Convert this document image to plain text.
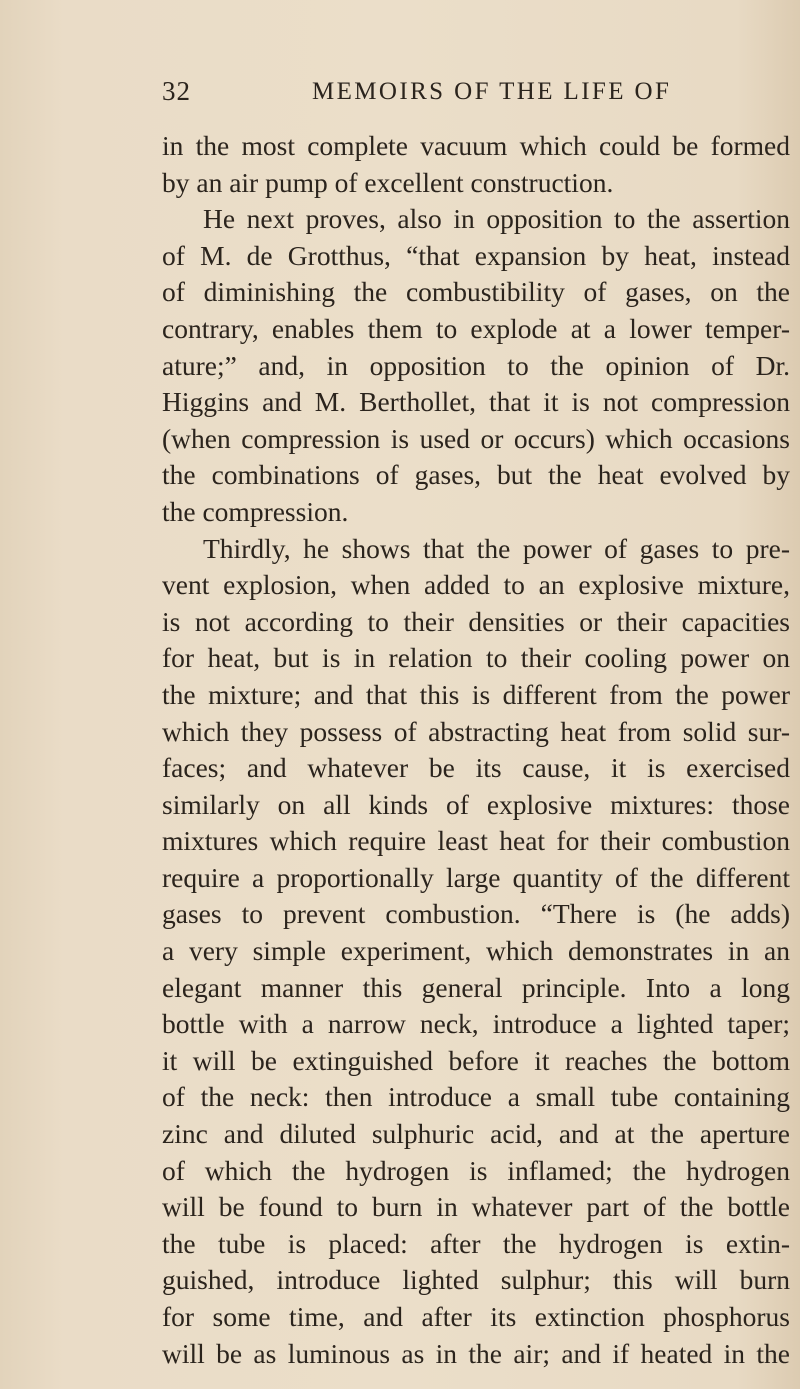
32	MEMOIRS OF THE LIFE OF
in the most complete vacuum which could be formed
by an air pump of excellent construction.
He next proves, also in opposition to the assertion
of M. de Grotthus, “that expansion by heat, instead
of diminishing the combustibility of gases, on the
contrary, enables them to explode at a lower temper-
ature;” and, in opposition to the opinion of Dr.
Higgins and M. Berthollet, that it is not compression
(when compression is used or occurs) which occasions
the combinations of gases, but the heat evolved by
the compression.
Thirdly, he shows that the power of gases to pre-
vent explosion, when added to an explosive mixture,
is not according to their densities or their capacities
for heat, but is in relation to their cooling power on
the mixture; and that this is different from the power
which they possess of abstracting heat from solid sur-
faces; and whatever be its cause, it is exercised
similarly on all kinds of explosive mixtures: those
mixtures which require least heat for their combustion
require a proportionally large quantity of the different
gases to prevent combustion. “There is (he adds)
a very simple experiment, which demonstrates in an
elegant manner this general principle. Into a long
bottle with a narrow neck, introduce a lighted taper;
it will be extinguished before it reaches the bottom
of the neck: then introduce a small tube containing
zinc and diluted sulphuric acid, and at the aperture
of which the hydrogen is inflamed; the hydrogen
will be found to burn in whatever part of the bottle
the tube is placed: after the hydrogen is extin-
guished, introduce lighted sulphur; this will burn
for some time, and after its extinction phosphorus
will be as luminous as in the air; and if heated in the
